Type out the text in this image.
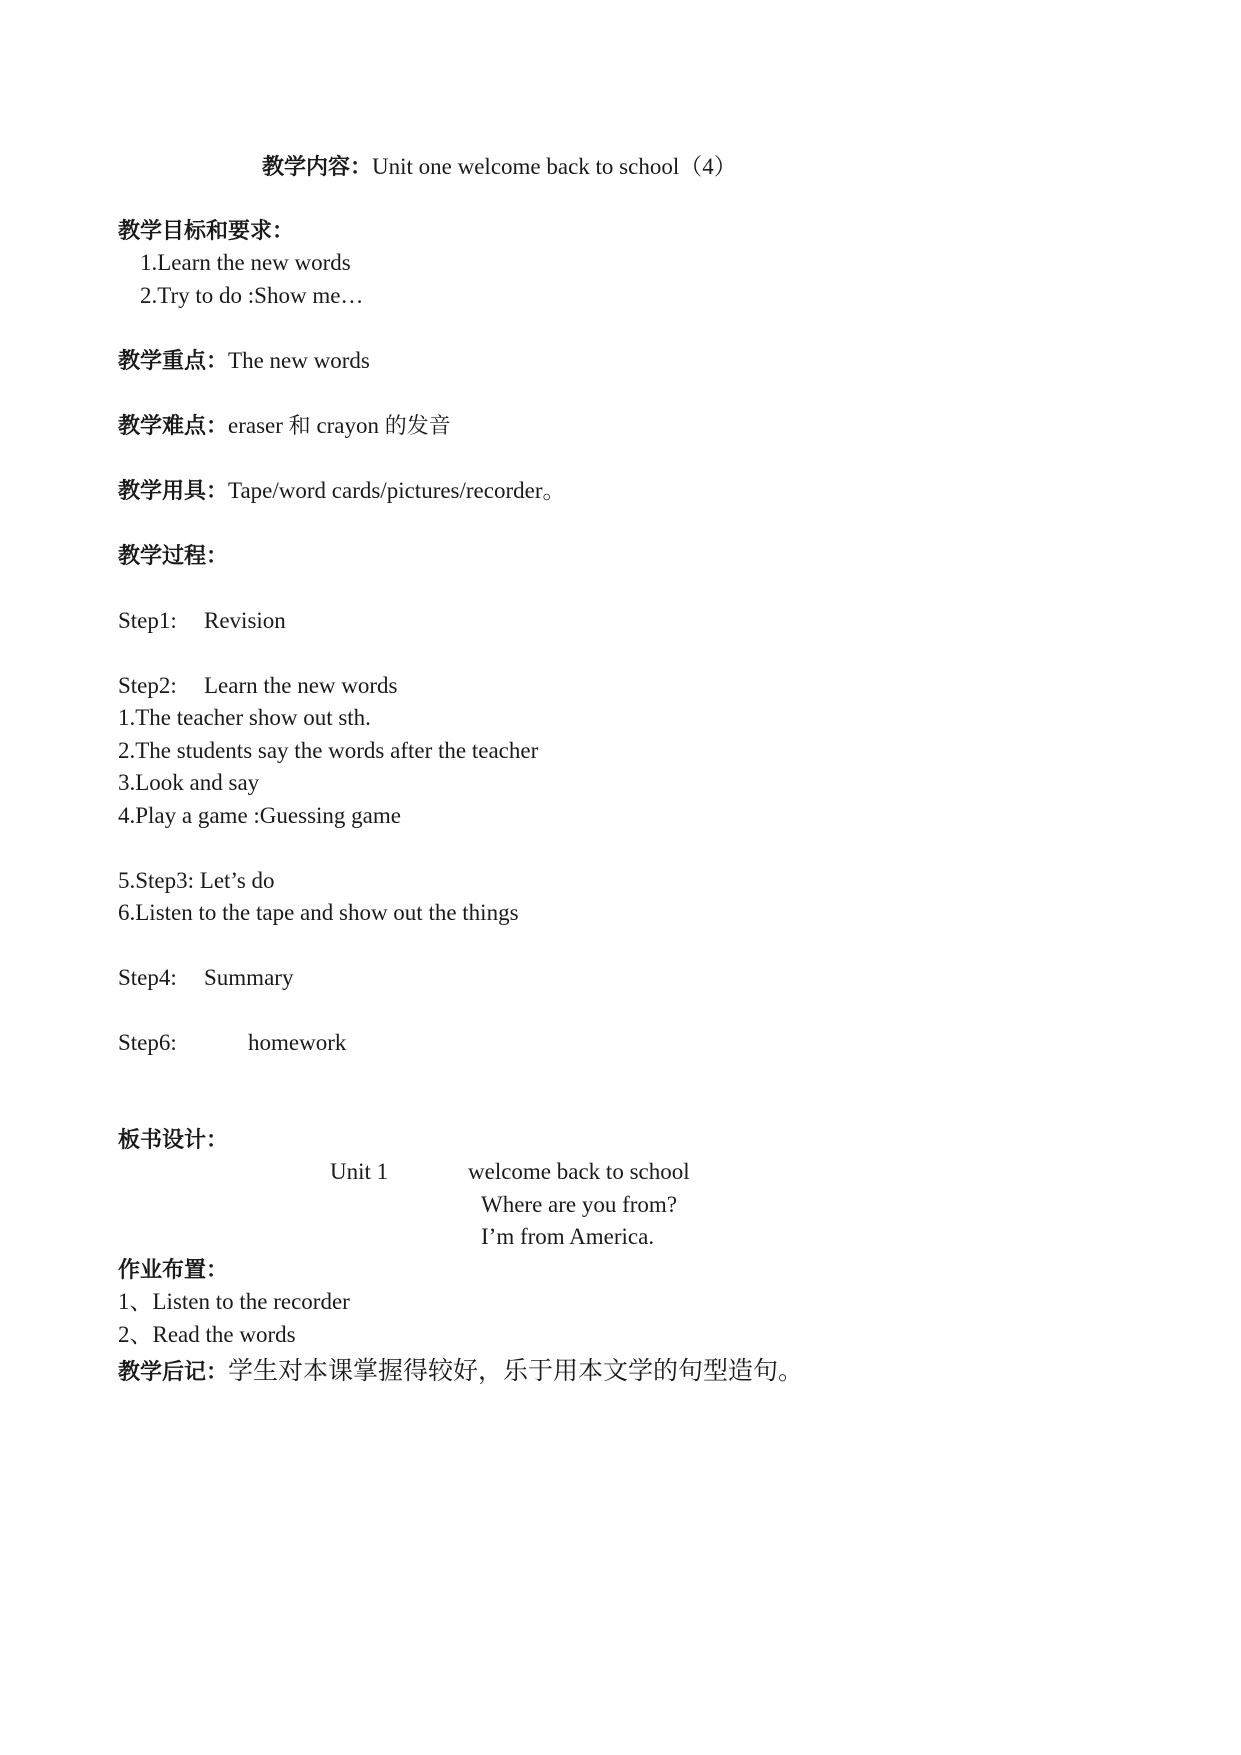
教学内容：Unit one welcome back to school（4）
教学目标和要求：
1.Learn the new words
2.Try to do :Show me…
教学重点：The new words
教学难点：eraser 和 crayon 的发音
教学用具：Tape/word cards/pictures/recorder。
教学过程：
Step1: Revision
Step2: Learn the new words
1.The teacher show out sth.
2.The students say the words after the teacher
3.Look and say
4.Play a game :Guessing game
5.Step3: Let’s do
6.Listen to the tape and show out the things
Step4: Summary
Step6:	homework
板书设计：
Unit 1	welcome back to school
Where are you from?
I’m from America.
作业布置：
1、Listen to the recorder
2、Read the words
教学后记：学生对本课掌握得较好，乐于用本文学的句型造句。
